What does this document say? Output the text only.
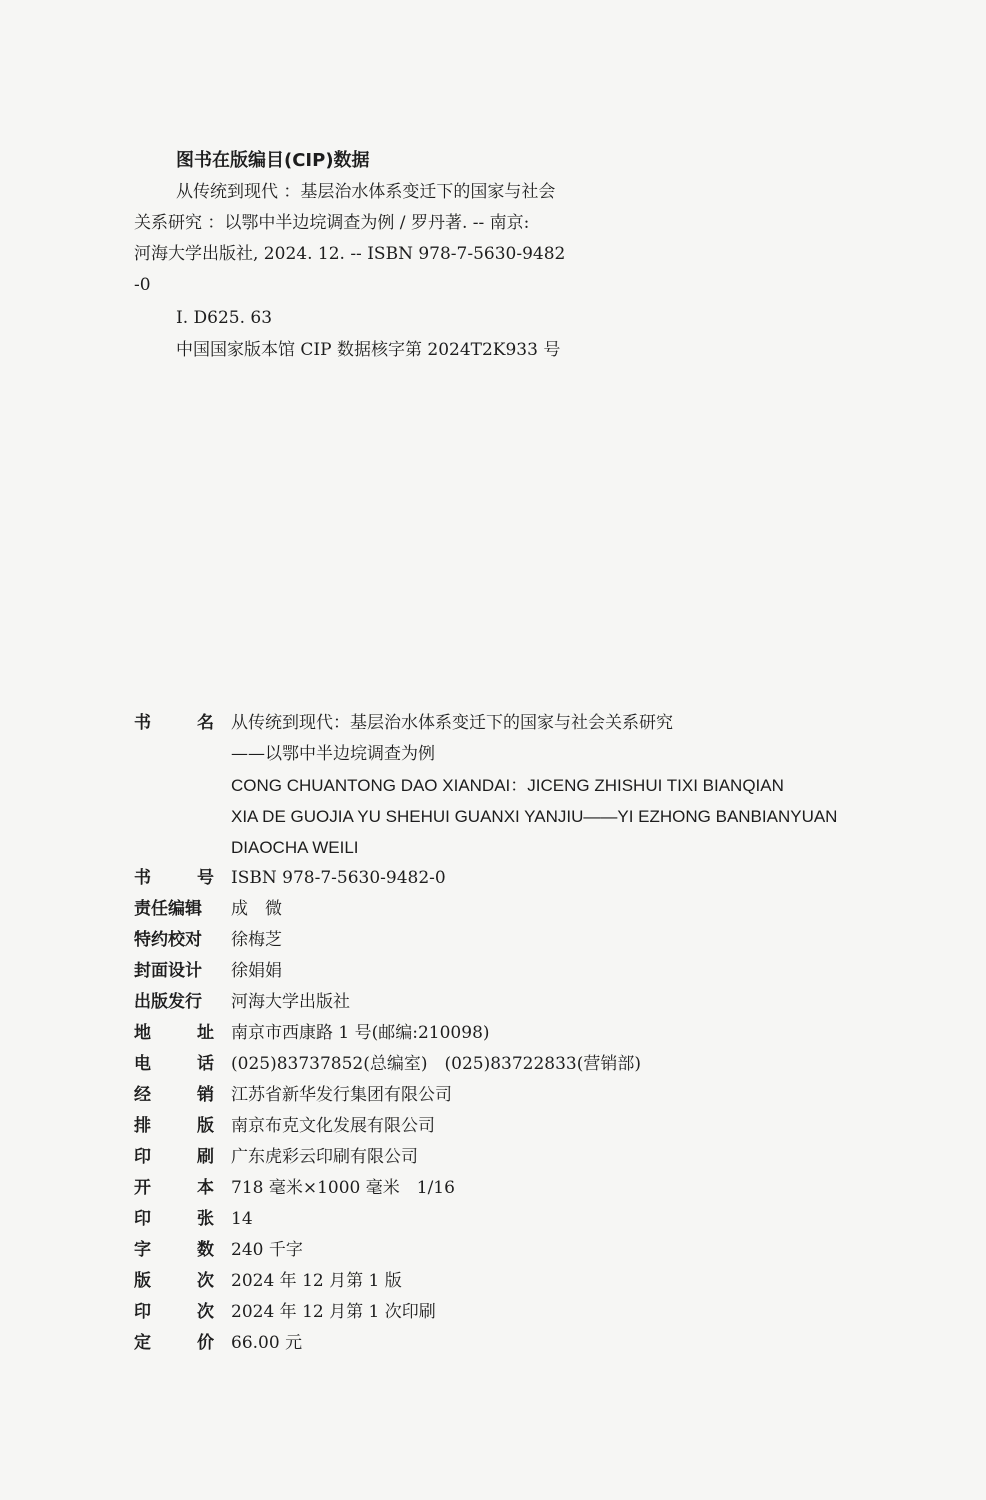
图书在版编目(CIP)数据
从传统到现代 ：基层治水体系变迁下的国家与社会
关系研究 ：以鄂中半边垸调查为例 / 罗丹著. -- 南京:
河海大学出版社, 2024. 12. -- ISBN 978-7-5630-9482
-0
Ⅰ. D625. 63
中国国家版本馆 CIP 数据核字第 2024T2K933 号
书	名 从传统到现代：基层治水体系变迁下的国家与社会关系研究
——以鄂中半边垸调查为例
CONG CHUANTONG DAO XIANDAI：JICENG ZHISHUI TIXI BIANQIAN
XIA DE GUOJIA YU SHEHUI GUANXI YANJIU——YI EZHONG BANBIANYUAN
DIAOCHA WEILI
书	号 ISBN 978-7-5630-9482-0
责任编辑 成　微
特约校对 徐梅芝
封面设计 徐娟娟
出版发行 河海大学出版社
地	址 南京市西康路 1 号(邮编:210098)
电	话 (025)83737852(总编室)　(025)83722833(营销部)
经	销 江苏省新华发行集团有限公司
排	版 南京布克文化发展有限公司
印	刷 广东虎彩云印刷有限公司
开	本 718 毫米×1000 毫米　1/16
印	张 14
字	数 240 千字
版	次 2024 年 12 月第 1 版
印	次 2024 年 12 月第 1 次印刷
定	价 66.00 元
